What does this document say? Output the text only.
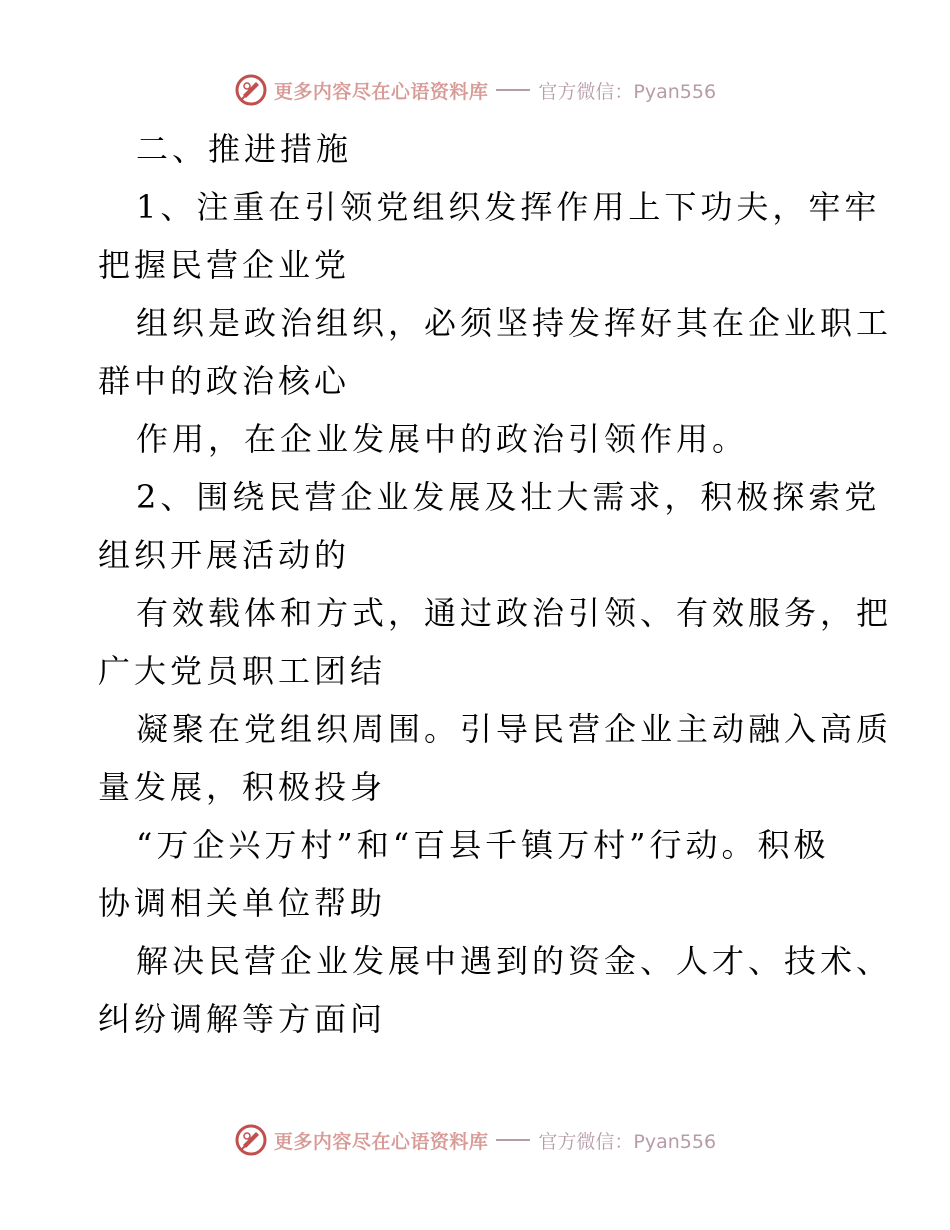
更多内容尽在心语资料库	官方微信：Pyan556
二、推进措施
1、注重在引领党组织发挥作用上下功夫，牢牢
把握民营企业党
组织是政治组织，必须坚持发挥好其在企业职工
群中的政治核心
作用，在企业发展中的政治引领作用。
2、围绕民营企业发展及壮大需求，积极探索党
组织开展活动的
有效载体和方式，通过政治引领、有效服务，把
广大党员职工团结
凝聚在党组织周围。引导民营企业主动融入高质
量发展，积极投身
“万企兴万村”和“百县千镇万村”行动。积极
协调相关单位帮助
解决民营企业发展中遇到的资金、人才、技术、
纠纷调解等方面问
更多内容尽在心语资料库	官方微信：Pyan556
